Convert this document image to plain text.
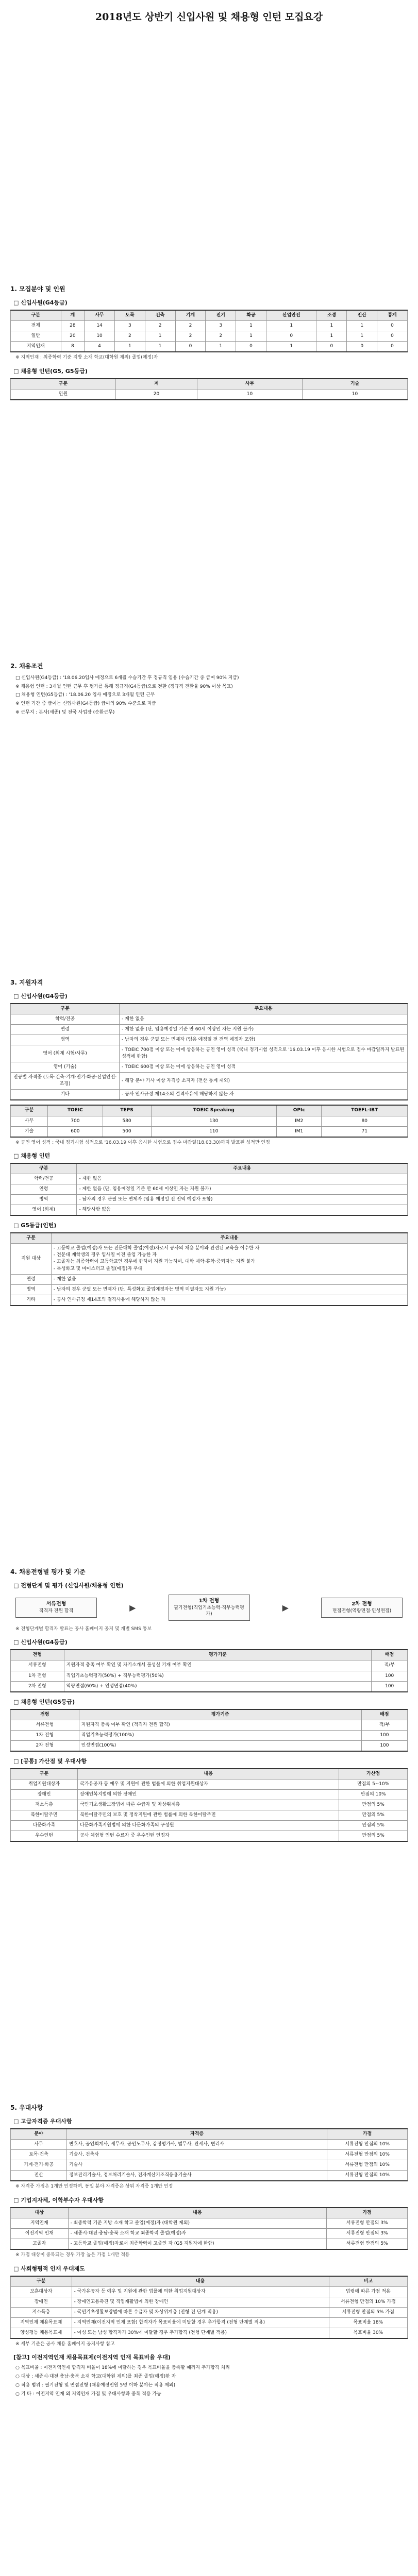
2018년도 상반기 신입사원 및 채용형 인턴 모집요강
1. 모집분야 및 인원
□ 신입사원(G4등급)
구분	계	사무	토목	건축	기계	전기	화공	산업안전	조경	전산	통계
전체	28	14	3	2	2	3	1	1	1	1	0
일반	20	10	2	1	2	2	1	0	1	1	0
지역인재	8	4	1	1	0	1	0	1	0	0	0
※ 지역인재 : 최종학력 기준 지방 소재 학교(대학원 제외) 졸업(예정)자
□ 채용형 인턴(G5, G5등급)
구분	계	사무	기술
인원	20	10	10
2. 채용조건
□ 신입사원(G4등급) : '18.06.20입사 예정으로 6개월 수습기간 후 정규직 임용 (수습기간 중 급여 90% 지급)
※ 채용형 인턴 : 3개월 인턴 근무 후 평가를 통해 정규직(G4등급)으로 전환 (정규직 전환율 90% 이상 목표)
□ 채용형 인턴(G5등급) : '18.06.20 입사 예정으로 3개월 인턴 근무
※ 인턴 기간 중 급여는 신입사원(G4등급) 급여의 90% 수준으로 지급
※ 근무지 : 본사(세종) 및 전국 사업장 (순환근무)
3. 지원자격
□ 신입사원(G4등급)
구분	주요내용
학력/전공	- 제한 없음
연령	- 제한 없음 (단, 임용예정일 기준 만 60세 이상인 자는 지원 불가)
병역	- 남자의 경우 군필 또는 면제자 (임용 예정일 전 전역 예정자 포함)
영어 (회계 시험/사무)	- TOEIC 700점 이상 또는 이에 상응하는 공인 영어 성적 (국내 정기시험 성적으로 '16.03.19 이후 응시한 시험으로 접수 마감일까지 발표된 성적에 한함)
영어 (기술)	- TOEIC 600점 이상 또는 이에 상응하는 공인 영어 성적
전공별 자격증 (토목·건축·기계·전기·화공·산업안전·조경)	- 해당 분야 기사 이상 자격증 소지자 (전산·통계 제외)
기타	- 공사 인사규정 제14조의 결격사유에 해당하지 않는 자
구분	TOEIC	TEPS	TOEIC Speaking	OPIc	TOEFL-IBT
사무	700	580	130	IM2	80
기술	600	500	110	IM1	71
※ 공인 영어 성적 : 국내 정기시험 성적으로 '16.03.19 이후 응시한 시험으로 접수 마감일(18.03.30)까지 발표된 성적만 인정
□ 채용형 인턴
구분	주요내용
학력/전공	- 제한 없음
연령	- 제한 없음 (단, 임용예정일 기준 만 60세 이상인 자는 지원 불가)
병역	- 남자의 경우 군필 또는 면제자 (임용 예정일 전 전역 예정자 포함)
영어 (회계)	- 해당사항 없음
□ G5등급(인턴)
구분	주요내용
지원 대상	- 고등학교 졸업(예정)자 또는 전문대학 졸업(예정)자로서 공사의 채용 분야와 관련된 교육을 이수한 자
- 전문대 재학생의 경우 입사일 이전 졸업 가능한 자
- 고졸자는 최종학력이 고등학교인 경우에 한하여 지원 가능하며, 대학 재학·휴학·중퇴자는 지원 불가
- 특성화고 및 마이스터고 졸업(예정)자 우대
연령	- 제한 없음
병역	- 남자의 경우 군필 또는 면제자 (단, 특성화고 졸업예정자는 병역 미필자도 지원 가능)
기타	- 공사 인사규정 제14조의 결격사유에 해당하지 않는 자
4. 채용전형별 평가 및 기준
□ 전형단계 및 평가 (신입사원/채용형 인턴)
서류전형
적격자 전원 합격	▶
1차 전형
필기전형(직업기초능력·직무능력평가)
▶	2차 전형
면접전형(역량면접·인성면접)
※ 전형단계별 합격자 발표는 공사 홈페이지 공지 및 개별 SMS 통보
□ 신입사원(G4등급)
전형	평가기준	배점
서류전형	지원자격 충족 여부 확인 및 자기소개서 불성실 기재 여부 확인	적/부
1차 전형	직업기초능력평가(50%) + 직무능력평가(50%)	100
2차 전형	역량면접(60%) + 인성면접(40%)	100
□ 채용형 인턴(G5등급)
전형	평가기준	배점
서류전형	지원자격 충족 여부 확인 (적격자 전원 합격)	적/부
1차 전형	직업기초능력평가(100%)	100
2차 전형	인성면접(100%)	100
□ [공통] 가산점 및 우대사항
구분	내용	가산점
취업지원대상자	국가유공자 등 예우 및 지원에 관한 법률에 의한 취업지원대상자	만점의 5~10%
장애인	장애인복지법에 의한 장애인	만점의 10%
저소득층	국민기초생활보장법에 따른 수급자 및 차상위계층	만점의 5%
북한이탈주민	북한이탈주민의 보호 및 정착지원에 관한 법률에 의한 북한이탈주민	만점의 5%
다문화가족	다문화가족지원법에 의한 다문화가족의 구성원	만점의 5%
우수인턴	공사 체험형 인턴 수료자 중 우수인턴 인정자	만점의 5%
5. 우대사항
□ 고급자격증 우대사항
분야	자격증	가점
사무	변호사, 공인회계사, 세무사, 공인노무사, 감정평가사, 법무사, 관세사, 변리사	서류전형 만점의 10%
토목·건축	기술사, 건축사	서류전형 만점의 10%
기계·전기·화공	기술사	서류전형 만점의 10%
전산	정보관리기술사, 정보처리기술사, 전자계산기조직응용기술사	서류전형 만점의 10%
※ 자격증 가점은 1개만 인정하며, 동일 분야 자격증은 상위 자격증 1개만 인정
□ 기업지자체, 이학부수자 우대사항
대상	내용	가점
지역인재	- 최종학력 기준 지방 소재 학교 졸업(예정)자 (대학원 제외)	서류전형 만점의 3%
이전지역 인재	- 세종시·대전·충남·충북 소재 학교 최종학력 졸업(예정)자	서류전형 만점의 3%
고졸자	- 고등학교 졸업(예정)자로서 최종학력이 고졸인 자 (G5 지원자에 한함)	서류전형 만점의 5%
※ 가점 대상이 중복되는 경우 가장 높은 가점 1개만 적용
□ 사회형평적 인재 우대제도
구분	내용	비고
보훈대상자	- 국가유공자 등 예우 및 지원에 관한 법률에 의한 취업지원대상자	법령에 따른 가점 적용
장애인	- 장애인고용촉진 및 직업재활법에 의한 장애인	서류전형 만점의 10% 가점
저소득층	- 국민기초생활보장법에 따른 수급자 및 차상위계층 (전형 전 단계 적용)	서류전형 만점의 5% 가점
지역인재 채용목표제	- 지역인재(이전지역 인재 포함) 합격자가 목표비율에 미달할 경우 추가합격 (전형 단계별 적용)	목표비율 18%
양성평등 채용목표제	- 여성 또는 남성 합격자가 30%에 미달할 경우 추가합격 (전형 단계별 적용)	목표비율 30%
※ 세부 기준은 공사 채용 홈페이지 공지사항 참고
[참고] 이전지역인재 채용목표제(이전지역 인재 목표비율 우대)
○ 목표비율 : 이전지역인재 합격자 비율이 18%에 미달하는 경우 목표비율을 충족할 때까지 추가합격 처리
○ 대상 : 세종시·대전·충남·충북 소재 학교(대학원 제외)를 최종 졸업(예정)한 자
○ 적용 범위 : 필기전형 및 면접전형 (채용예정인원 5명 이하 분야는 적용 제외)
○ 기 타 : 이전지역 인재 외 지역인재 가점 및 우대사항과 중복 적용 가능
